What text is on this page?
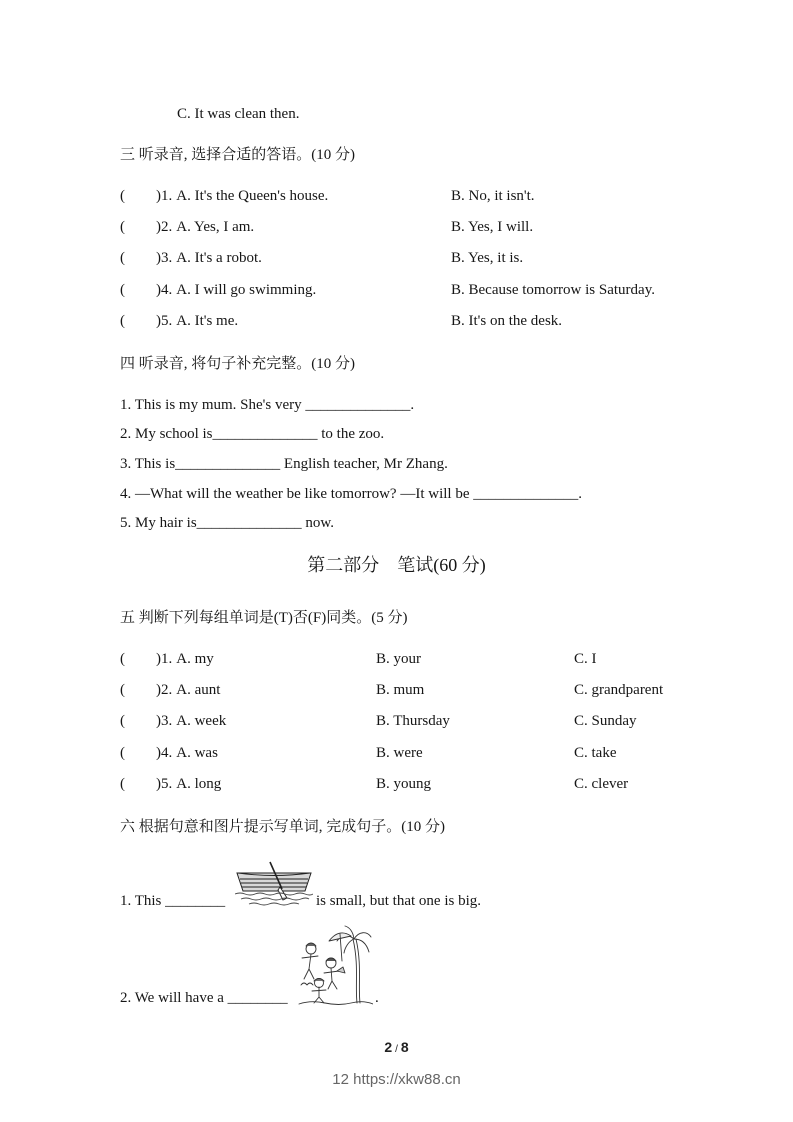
C. It was clean then.
三 听录音, 选择合适的答语。(10 分)
( )1. A. It's the Queen's house.	B. No, it isn't.
( )2. A. Yes, I am.	B. Yes, I will.
( )3. A. It's a robot.	B. Yes, it is.
( )4. A. I will go swimming.	B. Because tomorrow is Saturday.
( )5. A. It's me.	B. It's on the desk.
四 听录音, 将句子补充完整。(10 分)
1. This is my mum. She's very ______________.
2. My school is______________ to the zoo.
3. This is______________ English teacher, Mr Zhang.
4. —What will the weather be like tomorrow? —It will be ______________.
5. My hair is______________ now.
第二部分　笔试(60 分)
五 判断下列每组单词是(T)否(F)同类。(5 分)
( )1. A. my	B. your	C. I
( )2. A. aunt	B. mum	C. grandparent
( )3. A. week	B. Thursday	C. Sunday
( )4. A. was	B. were	C. take
( )5. A. long	B. young	C. clever
六 根据句意和图片提示写单词, 完成句子。(10 分)
1. This ________	is small, but that one is big.
2. We will have a ________	.
2 / 8
12 https://xkw88.cn
